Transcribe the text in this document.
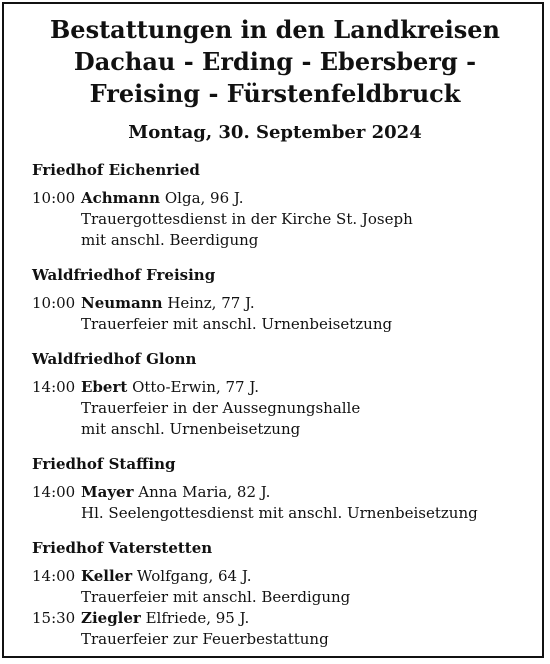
Bestattungen in den Landkreisen
Dachau - Erding - Ebersberg -
Freising - Fürstenfeldbruck
Montag, 30. September 2024
Friedhof Eichenried
10:00 Achmann Olga, 96 J.
Trauergottesdienst in der Kirche St. Joseph
mit anschl. Beerdigung
Waldfriedhof Freising
10:00 Neumann Heinz, 77 J.
Trauerfeier mit anschl. Urnenbeisetzung
Waldfriedhof Glonn
14:00 Ebert Otto-Erwin, 77 J.
Trauerfeier in der Aussegnungshalle
mit anschl. Urnenbeisetzung
Friedhof Staffing
14:00 Mayer Anna Maria, 82 J.
Hl. Seelengottesdienst mit anschl. Urnenbeisetzung
Friedhof Vaterstetten
14:00 Keller Wolfgang, 64 J.
Trauerfeier mit anschl. Beerdigung
15:30 Ziegler Elfriede, 95 J.
Trauerfeier zur Feuerbestattung
